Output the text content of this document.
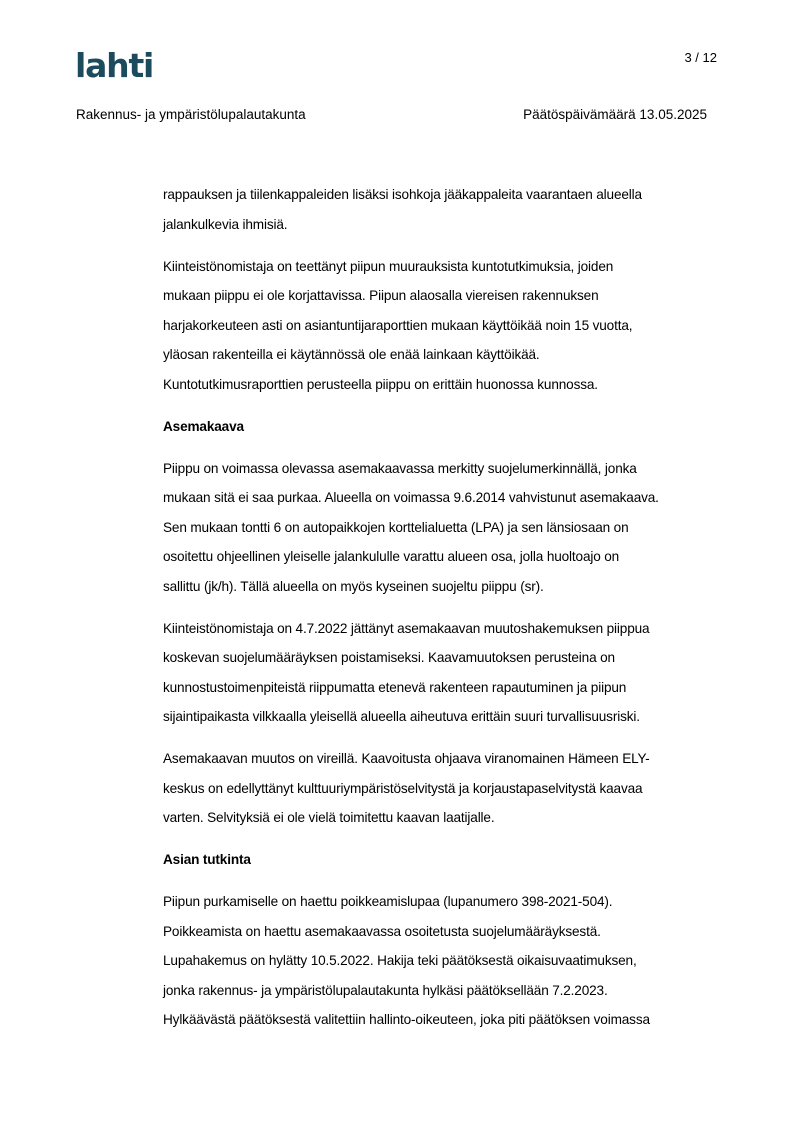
lahti	3 / 12
Rakennus- ja ympäristölupalautakunta	Päätöspäivämäärä 13.05.2025

rappauksen ja tiilenkappaleiden lisäksi isohkoja jääkappaleita vaarantaen alueella
jalankulkevia ihmisiä.

Kiinteistönomistaja on teettänyt piipun muurauksista kuntotutkimuksia, joiden
mukaan piippu ei ole korjattavissa. Piipun alaosalla viereisen rakennuksen
harjakorkeuteen asti on asiantuntijaraporttien mukaan käyttöikää noin 15 vuotta,
yläosan rakenteilla ei käytännössä ole enää lainkaan käyttöikää.
Kuntotutkimusraporttien perusteella piippu on erittäin huonossa kunnossa.

Asemakaava

Piippu on voimassa olevassa asemakaavassa merkitty suojelumerkinnällä, jonka
mukaan sitä ei saa purkaa. Alueella on voimassa 9.6.2014 vahvistunut asemakaava.
Sen mukaan tontti 6 on autopaikkojen korttelialuetta (LPA) ja sen länsiosaan on
osoitettu ohjeellinen yleiselle jalankululle varattu alueen osa, jolla huoltoajo on
sallittu (jk/h). Tällä alueella on myös kyseinen suojeltu piippu (sr).

Kiinteistönomistaja on 4.7.2022 jättänyt asemakaavan muutoshakemuksen piippua
koskevan suojelumääräyksen poistamiseksi. Kaavamuutoksen perusteina on
kunnostustoimenpiteistä riippumatta etenevä rakenteen rapautuminen ja piipun
sijaintipaikasta vilkkaalla yleisellä alueella aiheutuva erittäin suuri turvallisuusriski.

Asemakaavan muutos on vireillä. Kaavoitusta ohjaava viranomainen Hämeen ELY-
keskus on edellyttänyt kulttuuriympäristöselvitystä ja korjaustapaselvitystä kaavaa
varten. Selvityksiä ei ole vielä toimitettu kaavan laatijalle.

Asian tutkinta

Piipun purkamiselle on haettu poikkeamislupaa (lupanumero 398-2021-504).
Poikkeamista on haettu asemakaavassa osoitetusta suojelumääräyksestä.
Lupahakemus on hylätty 10.5.2022. Hakija teki päätöksestä oikaisuvaatimuksen,
jonka rakennus- ja ympäristölupalautakunta hylkäsi päätöksellään 7.2.2023.
Hylkäävästä päätöksestä valitettiin hallinto-oikeuteen, joka piti päätöksen voimassa
